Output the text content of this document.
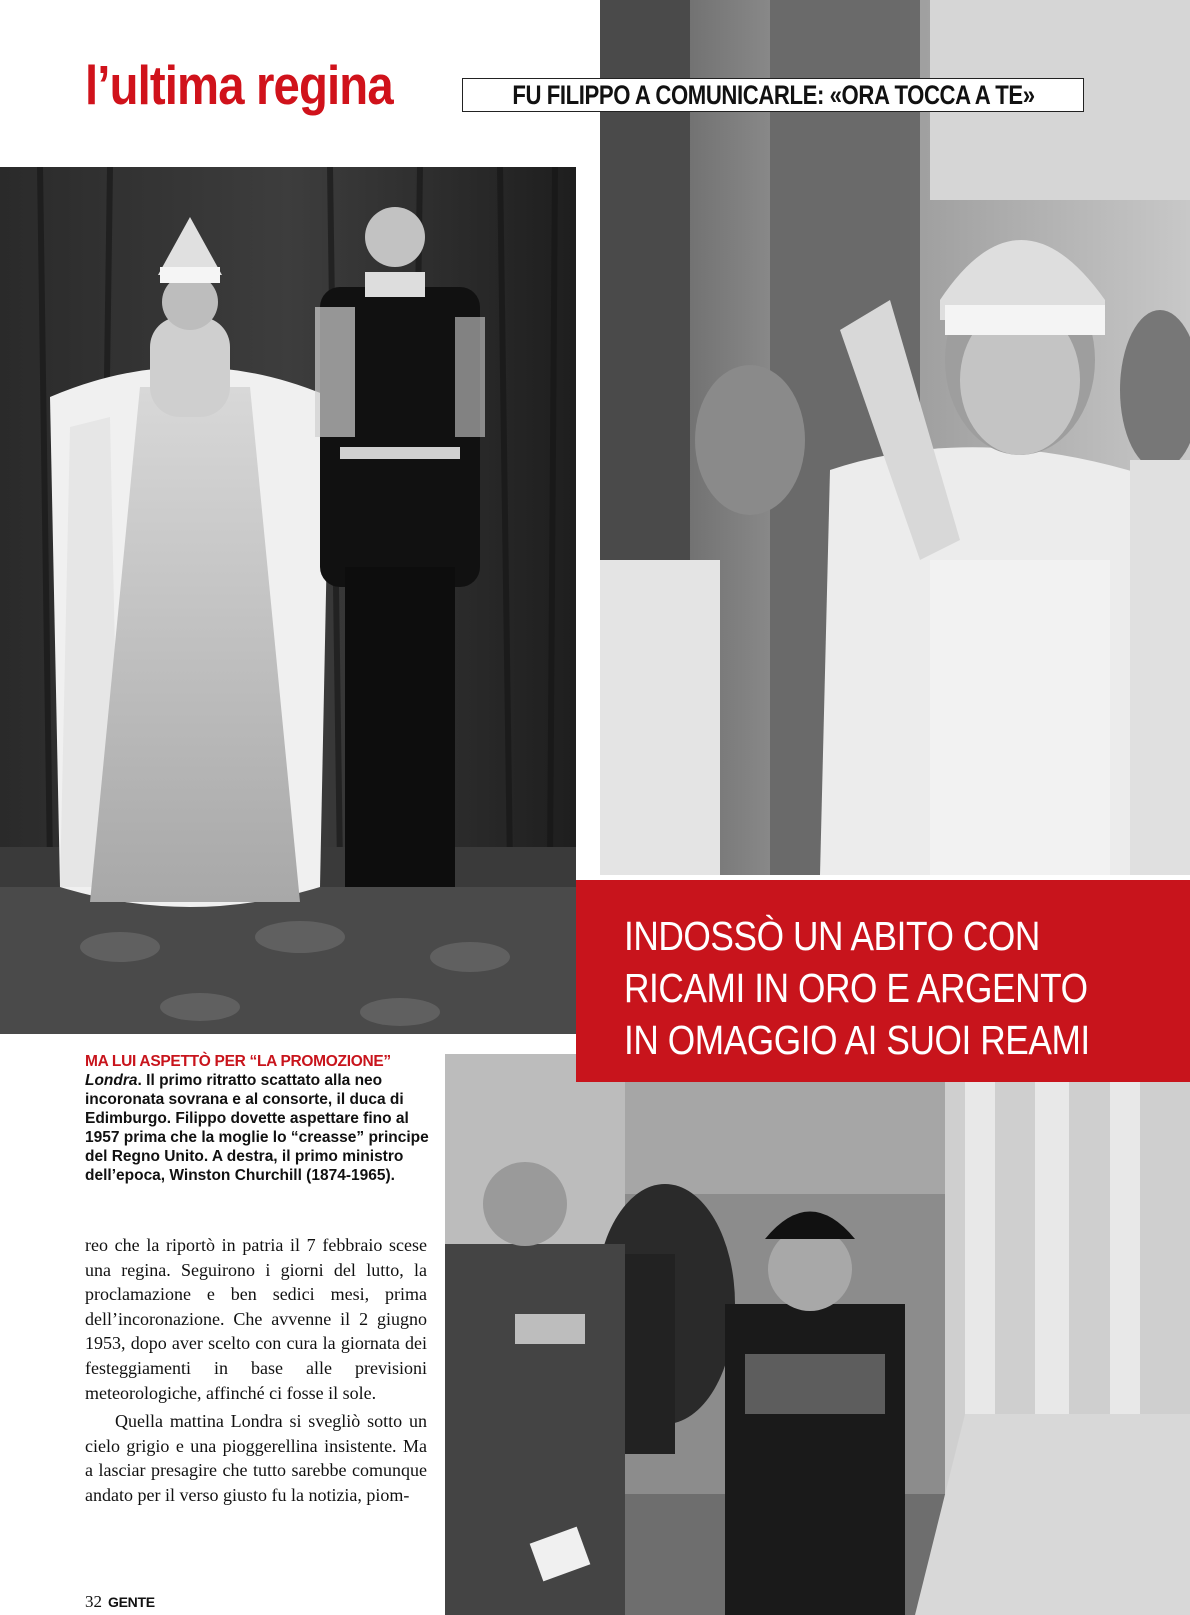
l’ultima regina	FU FILIPPO A COMUNICARLE: «ORA TOCCA A TE»

INDOSSÒ UN ABITO CON

RICAMI IN ORO E ARGENTO

IN OMAGGIO AI SUOI REAMI

MA LUI ASPETTÒ PER “LA PROMOZIONE”
Londra. Il primo ritratto scattato alla neo incoronata sovrana e al consorte, il duca di Edimburgo. Filippo dovette aspettare fino al 1957 prima che la moglie lo “creasse” principe del Regno Unito. A destra, il primo ministro dell’epoca, Winston Churchill (1874-1965).

reo che la riportò in patria il 7 febbraio scese una regina. Seguirono i giorni del lutto, la proclamazione e ben sedici mesi, prima dell’incoronazione. Che avvenne il 2 giugno 1953, dopo aver scelto con cura la giornata dei festeggiamenti in base alle previsioni meteorologiche, affinché ci fosse il sole.

Quella mattina Londra si svegliò sotto un cielo grigio e una pioggerellina insistente. Ma a lasciar presagire che tutto sarebbe comunque andato per il verso giusto fu la notizia, piom-

32 GENTE
